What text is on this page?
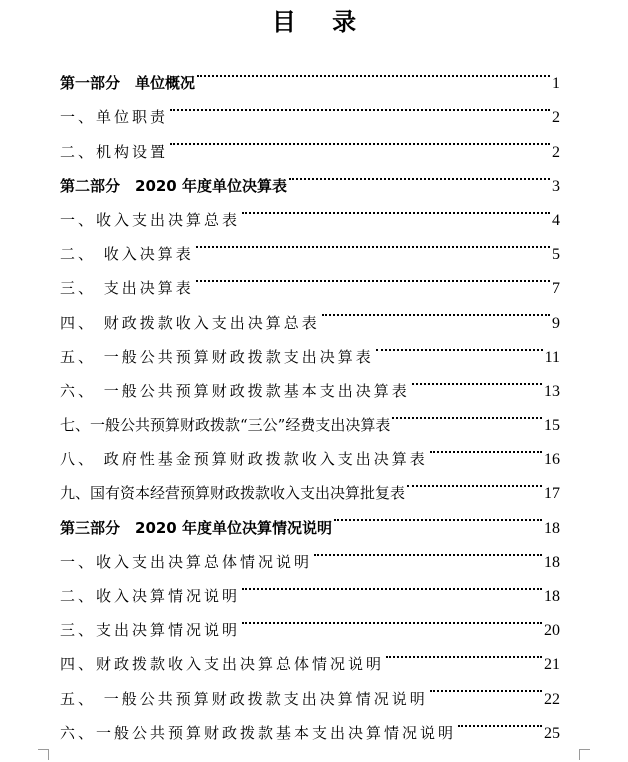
目 录
第一部分　单位概况	1
一、单位职责	2
二、机构设置	2
第二部分　2020 年度单位决算表	3
一、收入支出决算总表	4
二、 收入决算表	5
三、 支出决算表	7
四、 财政拨款收入支出决算总表	9
五、 一般公共预算财政拨款支出决算表	11
六、 一般公共预算财政拨款基本支出决算表	13
七、一般公共预算财政拨款“三公”经费支出决算表	15
八、 政府性基金预算财政拨款收入支出决算表	16
九、国有资本经营预算财政拨款收入支出决算批复表	17
第三部分　2020 年度单位决算情况说明	18
一、收入支出决算总体情况说明	18
二、收入决算情况说明	18
三、支出决算情况说明	20
四、财政拨款收入支出决算总体情况说明	21
五、 一般公共预算财政拨款支出决算情况说明	22
六、一般公共预算财政拨款基本支出决算情况说明	25
